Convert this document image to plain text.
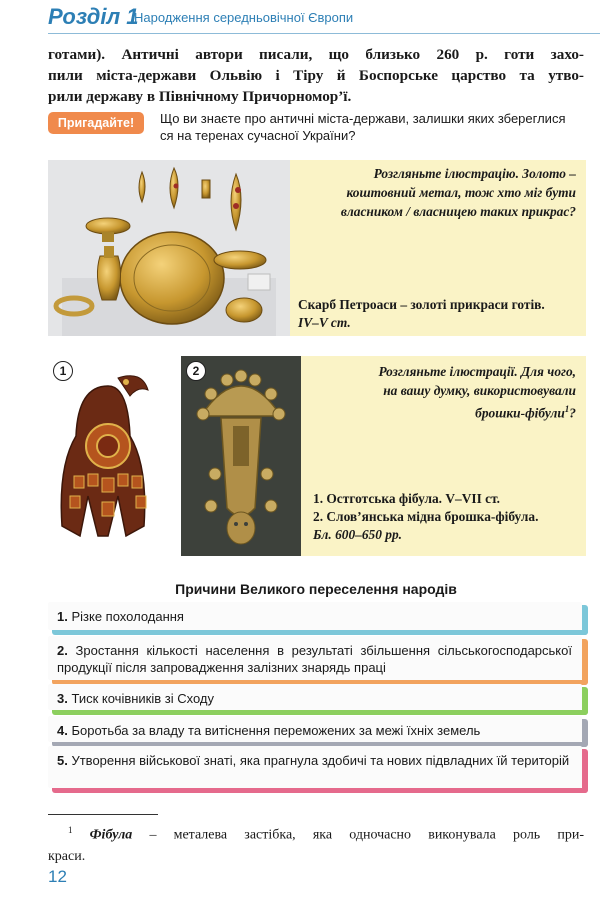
Розділ 1
Народження середньовічної Європи
готами). Античні автори писали, що близько 260 р. готи захо-
пили міста-держави Ольвію і Тіру й Боспорське царство та утво-
рили державу в Північному Причорномор’ї.
Пригадайте!	Що ви знаєте про античні міста-держави, залишки яких збереглися
ся на теренах сучасної України?
Розгляньте ілюстрацію. Золото –
коштовний метал, тож хто міг бути
власником / власницею таких прикрас?
Скарб Петроаси – золоті прикраси готів.
IV–V ст.
1	2	Розгляньте ілюстрації. Для чого,
на вашу думку, використовували
брошки-фібули$^1$?
1. Остготська фібула. V–VII ст.
2. Слов’янська мідна брошка-фібула.
Бл. 600–650 рр.
Причини Великого переселення народів
1. Різке похолодання
2. Зростання кількості населення в результаті збільшення сільськогосподарської продукції після запровадження залізних знарядь праці
3. Тиск кочівників зі Сходу
4. Боротьба за владу та витіснення переможених за межі їхніх земель
5. Утворення військової знаті, яка прагнула здобичі та нових підвладних їй територій
$^1$ Фібула – металева застібка, яка одночасно виконувала роль при-
краси.
12
